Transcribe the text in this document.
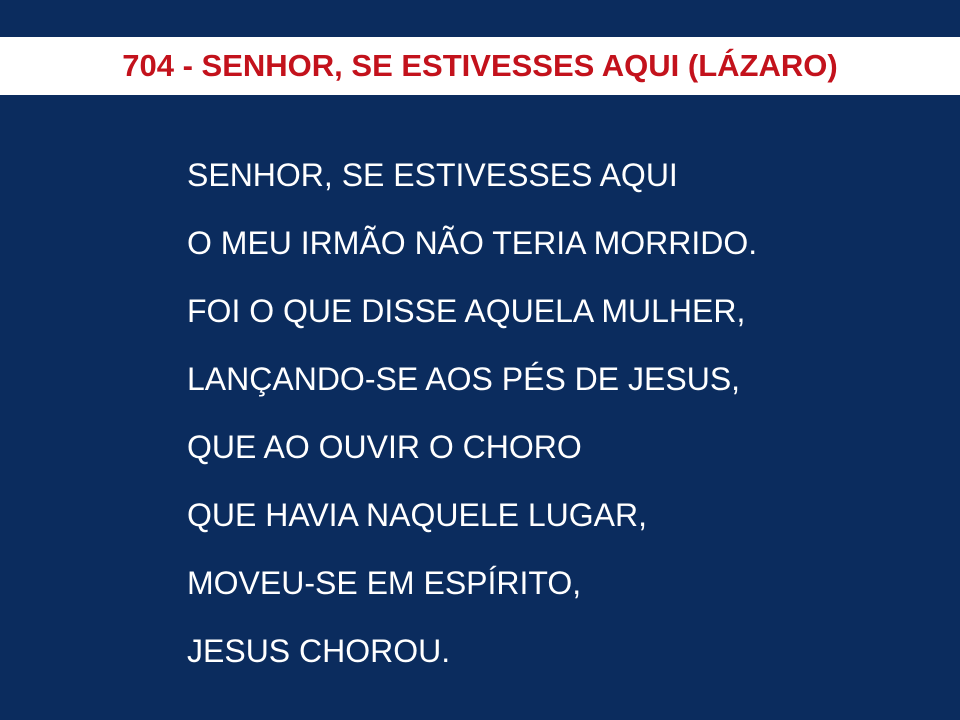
704 - SENHOR, SE ESTIVESSES AQUI (LÁZARO)
SENHOR, SE ESTIVESSES AQUI
O MEU IRMÃO NÃO TERIA MORRIDO.
FOI O QUE DISSE AQUELA MULHER,
LANÇANDO-SE AOS PÉS DE JESUS,
QUE AO OUVIR O CHORO
QUE HAVIA NAQUELE LUGAR,
MOVEU-SE EM ESPÍRITO,
JESUS CHOROU.
